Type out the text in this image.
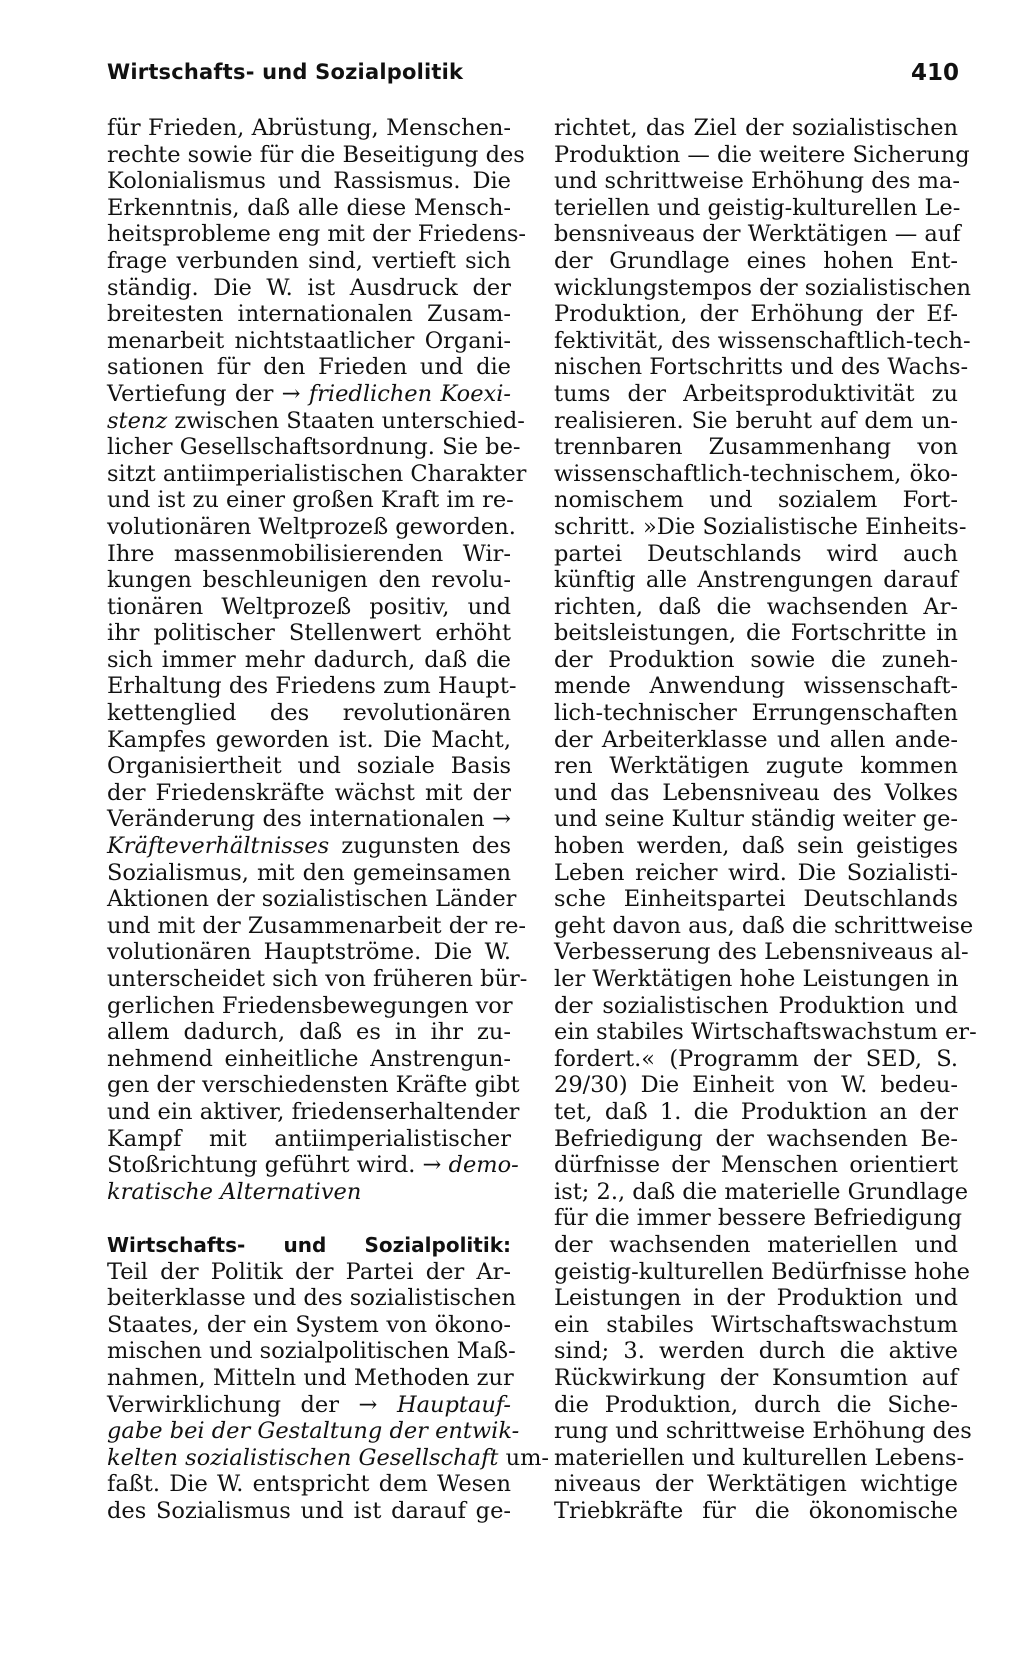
Wirtschafts- und Sozialpolitik	410
für Frieden, Abrüstung, Menschen-
rechte sowie für die Beseitigung des
Kolonialismus und Rassismus. Die
Erkenntnis, daß alle diese Mensch-
heitsprobleme eng mit der Friedens-
frage verbunden sind, vertieft sich
ständig. Die W. ist Ausdruck der
breitesten internationalen Zusam-
menarbeit nichtstaatlicher Organi-
sationen für den Frieden und die
Vertiefung der → friedlichen Koexi-
stenz zwischen Staaten unterschied-
licher Gesellschaftsordnung. Sie be-
sitzt antiimperialistischen Charakter
und ist zu einer großen Kraft im re-
volutionären Weltprozeß geworden.
Ihre massenmobilisierenden Wir-
kungen beschleunigen den revolu-
tionären Weltprozeß positiv, und
ihr politischer Stellenwert erhöht
sich immer mehr dadurch, daß die
Erhaltung des Friedens zum Haupt-
kettenglied des revolutionären
Kampfes geworden ist. Die Macht,
Organisiertheit und soziale Basis
der Friedenskräfte wächst mit der
Veränderung des internationalen →
Kräfteverhältnisses zugunsten des
Sozialismus, mit den gemeinsamen
Aktionen der sozialistischen Länder
und mit der Zusammenarbeit der re-
volutionären Hauptströme. Die W.
unterscheidet sich von früheren bür-
gerlichen Friedensbewegungen vor
allem dadurch, daß es in ihr zu-
nehmend einheitliche Anstrengun-
gen der verschiedensten Kräfte gibt
und ein aktiver, friedenserhaltender
Kampf mit antiimperialistischer
Stoßrichtung geführt wird. → demo-
kratische Alternativen
Wirtschafts- und Sozialpolitik:
Teil der Politik der Partei der Ar-
beiterklasse und des sozialistischen
Staates, der ein System von ökono-
mischen und sozialpolitischen Maß-
nahmen, Mitteln und Methoden zur
Verwirklichung der → Hauptauf-
gabe bei der Gestaltung der entwik-
kelten sozialistischen Gesellschaft um-
faßt. Die W. entspricht dem Wesen
des Sozialismus und ist darauf ge-
richtet, das Ziel der sozialistischen
Produktion — die weitere Sicherung
und schrittweise Erhöhung des ma-
teriellen und geistig-kulturellen Le-
bensniveaus der Werktätigen — auf
der Grundlage eines hohen Ent-
wicklungstempos der sozialistischen
Produktion, der Erhöhung der Ef-
fektivität, des wissenschaftlich-tech-
nischen Fortschritts und des Wachs-
tums der Arbeitsproduktivität zu
realisieren. Sie beruht auf dem un-
trennbaren Zusammenhang von
wissenschaftlich-technischem, öko-
nomischem und sozialem Fort-
schritt. »Die Sozialistische Einheits-
partei Deutschlands wird auch
künftig alle Anstrengungen darauf
richten, daß die wachsenden Ar-
beitsleistungen, die Fortschritte in
der Produktion sowie die zuneh-
mende Anwendung wissenschaft-
lich-technischer Errungenschaften
der Arbeiterklasse und allen ande-
ren Werktätigen zugute kommen
und das Lebensniveau des Volkes
und seine Kultur ständig weiter ge-
hoben werden, daß sein geistiges
Leben reicher wird. Die Sozialisti-
sche Einheitspartei Deutschlands
geht davon aus, daß die schrittweise
Verbesserung des Lebensniveaus al-
ler Werktätigen hohe Leistungen in
der sozialistischen Produktion und
ein stabiles Wirtschaftswachstum er-
fordert.« (Programm der SED, S.
29/30) Die Einheit von W. bedeu-
tet, daß 1. die Produktion an der
Befriedigung der wachsenden Be-
dürfnisse der Menschen orientiert
ist; 2., daß die materielle Grundlage
für die immer bessere Befriedigung
der wachsenden materiellen und
geistig-kulturellen Bedürfnisse hohe
Leistungen in der Produktion und
ein stabiles Wirtschaftswachstum
sind; 3. werden durch die aktive
Rückwirkung der Konsumtion auf
die Produktion, durch die Siche-
rung und schrittweise Erhöhung des
materiellen und kulturellen Lebens-
niveaus der Werktätigen wichtige
Triebkräfte für die ökonomische
